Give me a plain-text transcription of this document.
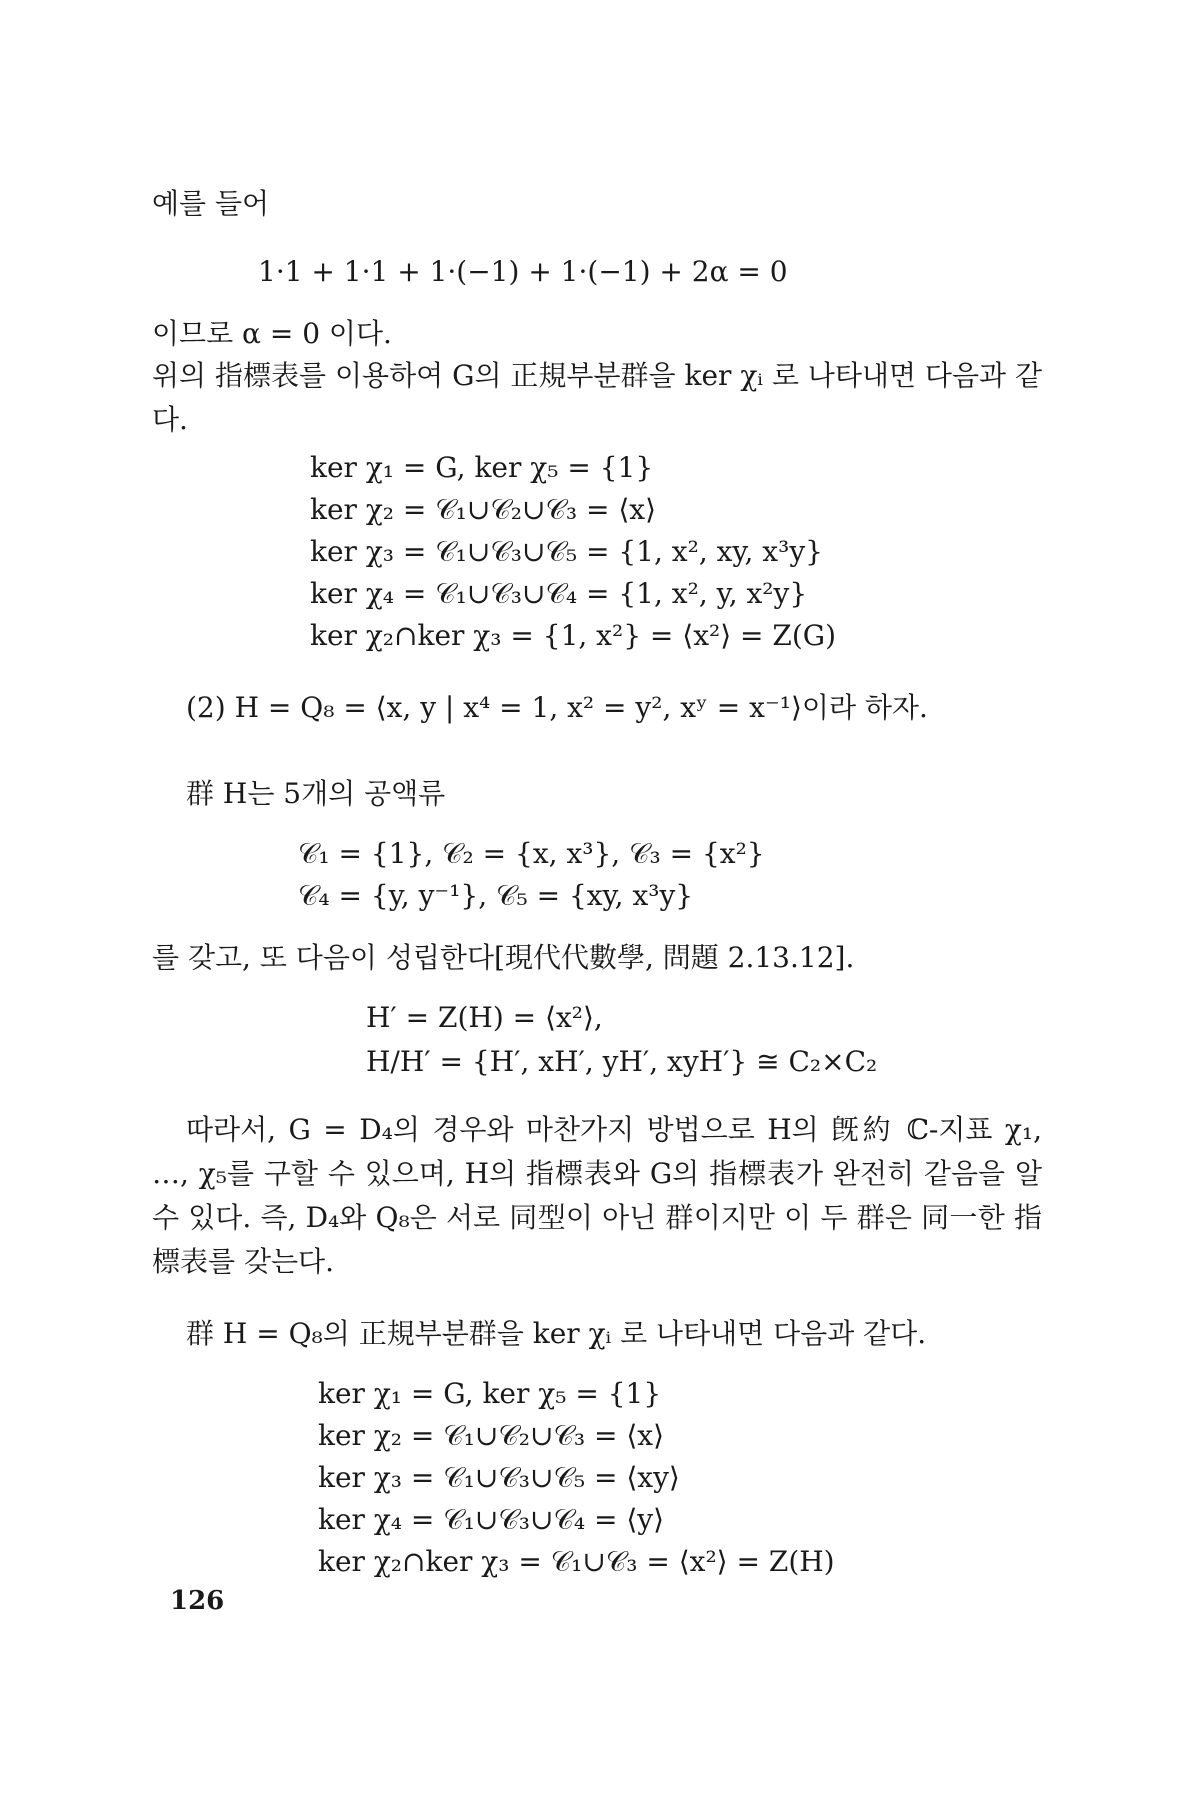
예를 들어
1·1 + 1·1 + 1·(−1) + 1·(−1) + 2α = 0
이므로 α = 0 이다.
위의 指標表를 이용하여 G의 正規부분群을 ker χᵢ 로 나타내면 다음과 같다.
ker χ₁ = G, ker χ₅ = {1}
ker χ₂ = 𝒞₁∪𝒞₂∪𝒞₃ = ⟨x⟩
ker χ₃ = 𝒞₁∪𝒞₃∪𝒞₅ = {1, x², xy, x³y}
ker χ₄ = 𝒞₁∪𝒞₃∪𝒞₄ = {1, x², y, x²y}
ker χ₂∩ker χ₃ = {1, x²} = ⟨x²⟩ = Z(G)
(2) H = Q₈ = ⟨x, y | x⁴ = 1, x² = y², xʸ = x⁻¹⟩이라 하자.
群 H는 5개의 공액류
𝒞₁ = {1}, 𝒞₂ = {x, x³}, 𝒞₃ = {x²}
𝒞₄ = {y, y⁻¹}, 𝒞₅ = {xy, x³y}
를 갖고, 또 다음이 성립한다[現代代數學, 問題 2.13.12].
H′ = Z(H) = ⟨x²⟩,
H/H′ = {H′, xH′, yH′, xyH′} ≅ C₂×C₂
따라서, G = D₄의 경우와 마찬가지 방법으로 H의 旣約 ℂ-지표 χ₁, …, χ₅를 구할 수 있으며, H의 指標表와 G의 指標表가 완전히 같음을 알 수 있다. 즉, D₄와 Q₈은 서로 同型이 아닌 群이지만 이 두 群은 同一한 指標表를 갖는다.
群 H = Q₈의 正規부분群을 ker χᵢ 로 나타내면 다음과 같다.
ker χ₁ = G, ker χ₅ = {1}
ker χ₂ = 𝒞₁∪𝒞₂∪𝒞₃ = ⟨x⟩
ker χ₃ = 𝒞₁∪𝒞₃∪𝒞₅ = ⟨xy⟩
ker χ₄ = 𝒞₁∪𝒞₃∪𝒞₄ = ⟨y⟩
ker χ₂∩ker χ₃ = 𝒞₁∪𝒞₃ = ⟨x²⟩ = Z(H)
126
